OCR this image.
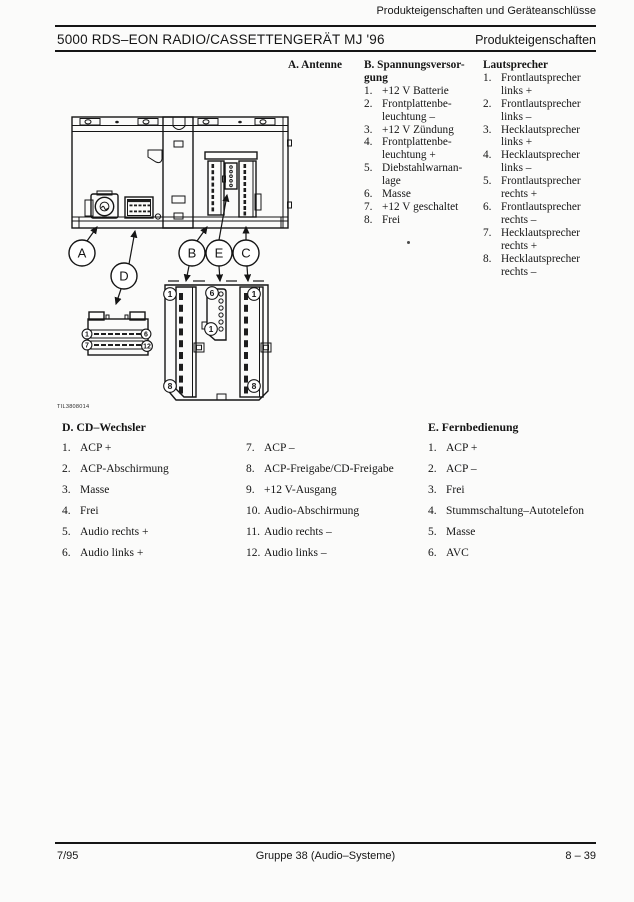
Produkteigenschaften und Geräteanschlüsse
5000 RDS–EON RADIO/CASSETTENGERÄT MJ '96	Produkteigenschaften
A. Antenne B. Spannungsversor-
gung
1. +12 V Batterie
2. Frontplattenbe-
leuchtung –
3. +12 V Zündung
4. Frontplattenbe-
leuchtung +
5. Diebstahlwarnan-
lage
6. Masse
7. +12 V geschaltet
8. Frei
Lautsprecher
1. Frontlautsprecher
links +
2. Frontlautsprecher
links –
3. Hecklautsprecher
links +
4. Hecklautsprecher
links –
5. Frontlautsprecher
rechts +
6. Frontlautsprecher
rechts –
7. Hecklautsprecher
rechts +
8. Hecklautsprecher
rechts –
A
D
B E C
1	6
7	12
1
8
6
1
1
8
TIL3808014
D. CD–Wechsler
1. ACP +
2. ACP-Abschirmung
3. Masse
4. Frei
5. Audio rechts +
6. Audio links +
7. ACP –
8. ACP-Freigabe/CD-Freigabe
9. +12 V-Ausgang
10. Audio-Abschirmung
11. Audio rechts –
12. Audio links –
E. Fernbedienung
1. ACP +
2. ACP –
3. Frei
4. Stummschaltung–Autotelefon
5. Masse
6. AVC
7/95	Gruppe 38 (Audio–Systeme)	8 – 39
